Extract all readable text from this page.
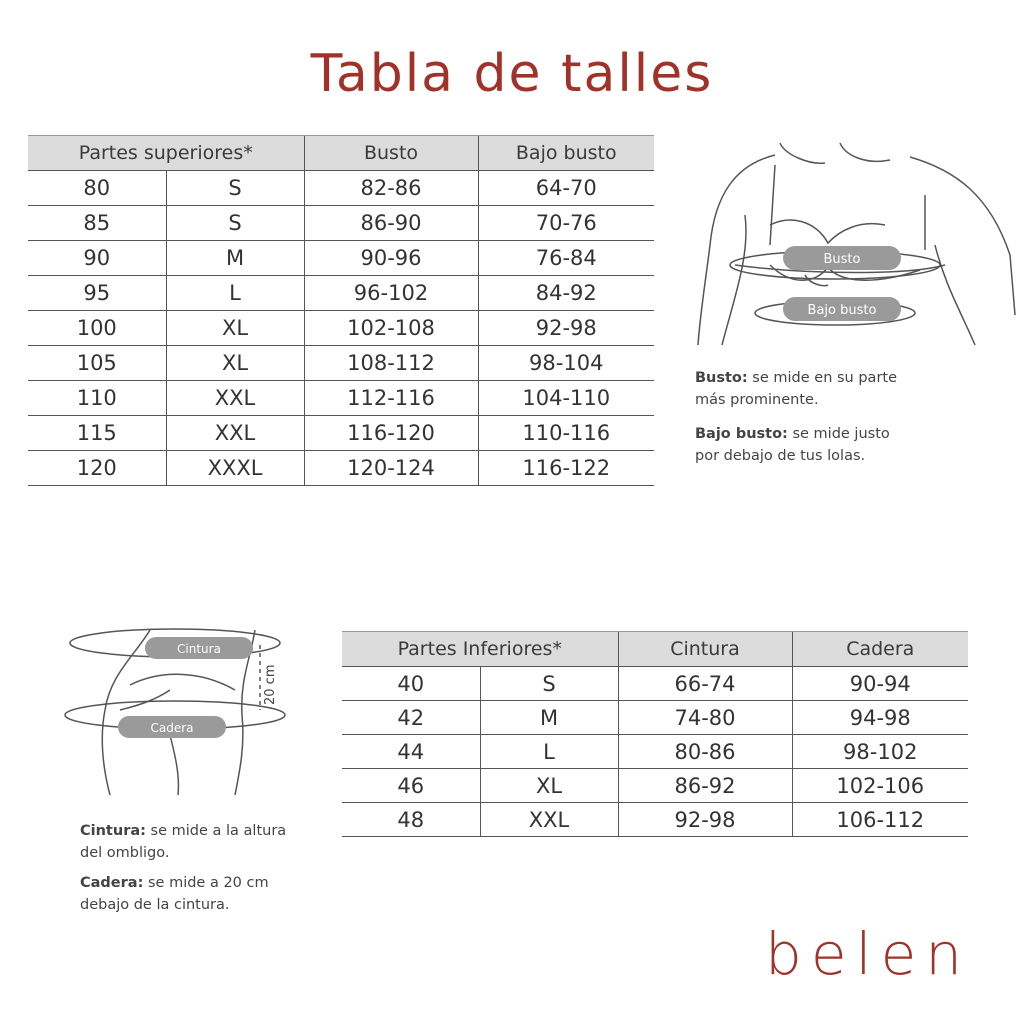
Tabla de talles
Partes superiores*		Busto	Bajo busto
80	S	82-86	64-70
85	S	86-90	70-76
90	M	90-96	76-84
95	L	96-102	84-92
100	XL	102-108	92-98
105	XL	108-112	98-104
110	XXL	112-116	104-110
115	XXL	116-120	110-116
120	XXXL	120-124	116-122
Busto
Bajo busto
Busto: se mide en su parte
más prominente.
Bajo busto: se mide justo
por debajo de tus lolas.
Cintura
Cadera
20 cm
Cintura: se mide a la altura
del ombligo.
Cadera: se mide a 20 cm
debajo de la cintura.
Partes Inferiores*		Cintura	Cadera
40	S	66-74	90-94
42	M	74-80	94-98
44	L	80-86	98-102
46	XL	86-92	102-106
48	XXL	92-98	106-112
belen
